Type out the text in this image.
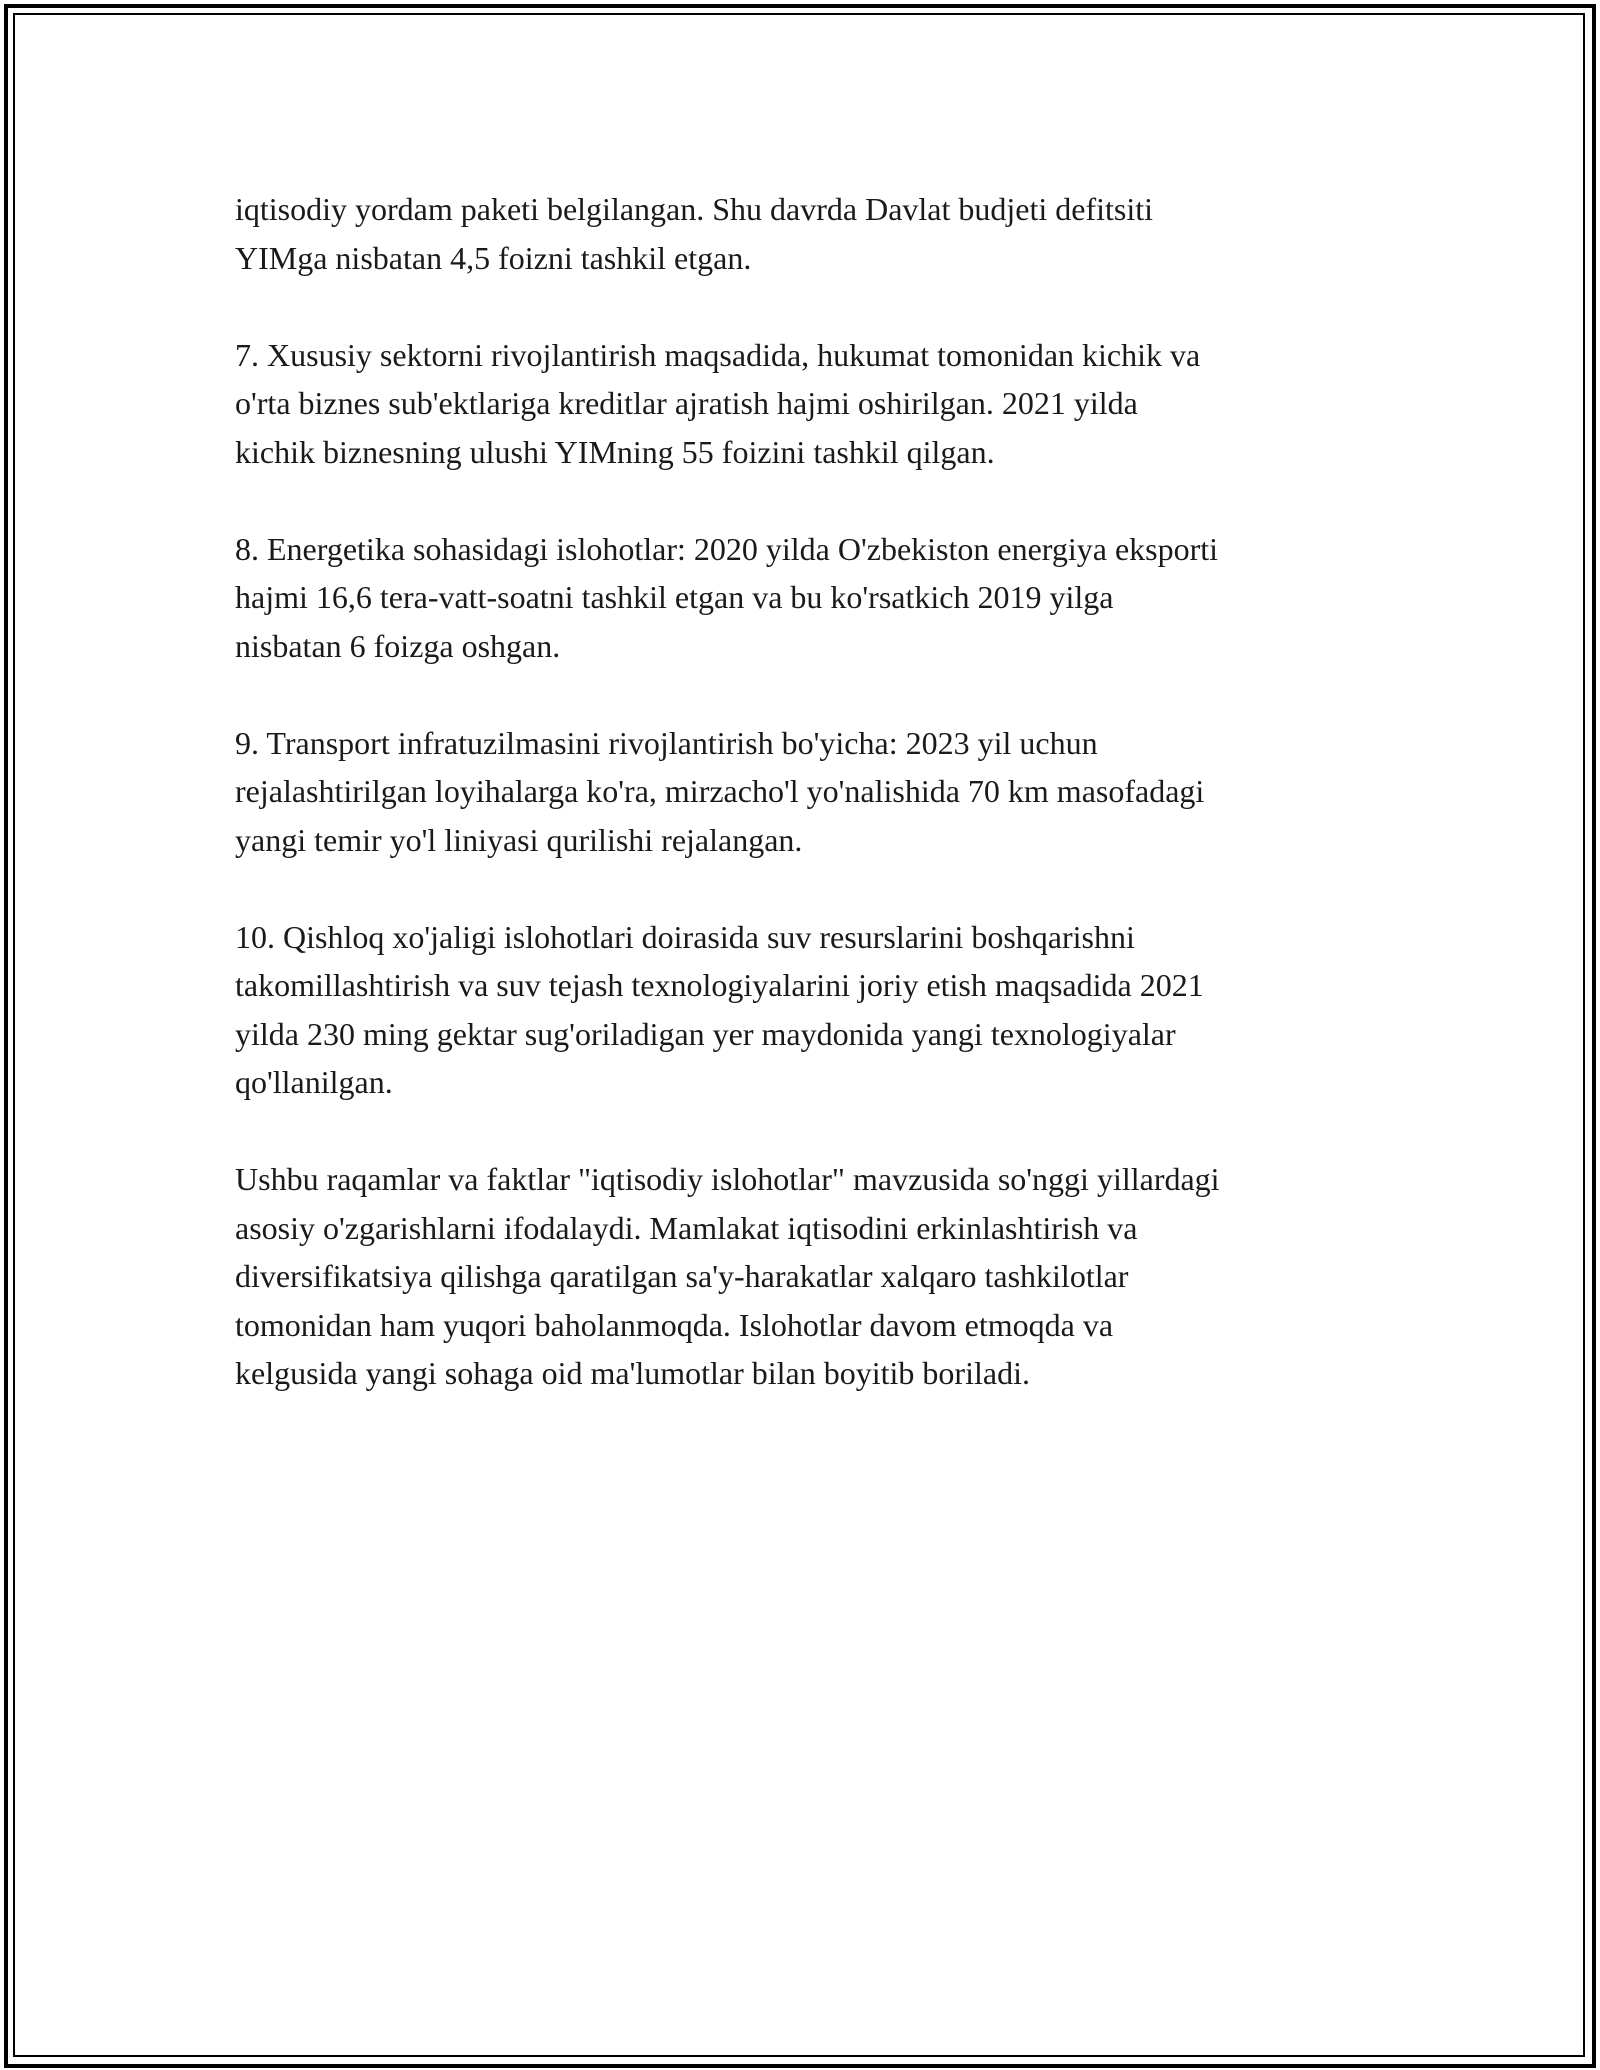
iqtisodiy yordam paketi belgilangan. Shu davrda Davlat budjeti defitsiti
YIMga nisbatan 4,5 foizni tashkil etgan.

7. Xususiy sektorni rivojlantirish maqsadida, hukumat tomonidan kichik va
o'rta biznes sub'ektlariga kreditlar ajratish hajmi oshirilgan. 2021 yilda
kichik biznesning ulushi YIMning 55 foizini tashkil qilgan.

8. Energetika sohasidagi islohotlar: 2020 yilda O'zbekiston energiya eksporti
hajmi 16,6 tera-vatt-soatni tashkil etgan va bu ko'rsatkich 2019 yilga
nisbatan 6 foizga oshgan.

9. Transport infratuzilmasini rivojlantirish bo'yicha: 2023 yil uchun
rejalashtirilgan loyihalarga ko'ra, mirzacho'l yo'nalishida 70 km masofadagi
yangi temir yo'l liniyasi qurilishi rejalangan.

10. Qishloq xo'jaligi islohotlari doirasida suv resurslarini boshqarishni
takomillashtirish va suv tejash texnologiyalarini joriy etish maqsadida 2021
yilda 230 ming gektar sug'oriladigan yer maydonida yangi texnologiyalar
qo'llanilgan.

Ushbu raqamlar va faktlar "iqtisodiy islohotlar" mavzusida so'nggi yillardagi
asosiy o'zgarishlarni ifodalaydi. Mamlakat iqtisodini erkinlashtirish va
diversifikatsiya qilishga qaratilgan sa'y-harakatlar xalqaro tashkilotlar
tomonidan ham yuqori baholanmoqda. Islohotlar davom etmoqda va
kelgusida yangi sohaga oid ma'lumotlar bilan boyitib boriladi.
